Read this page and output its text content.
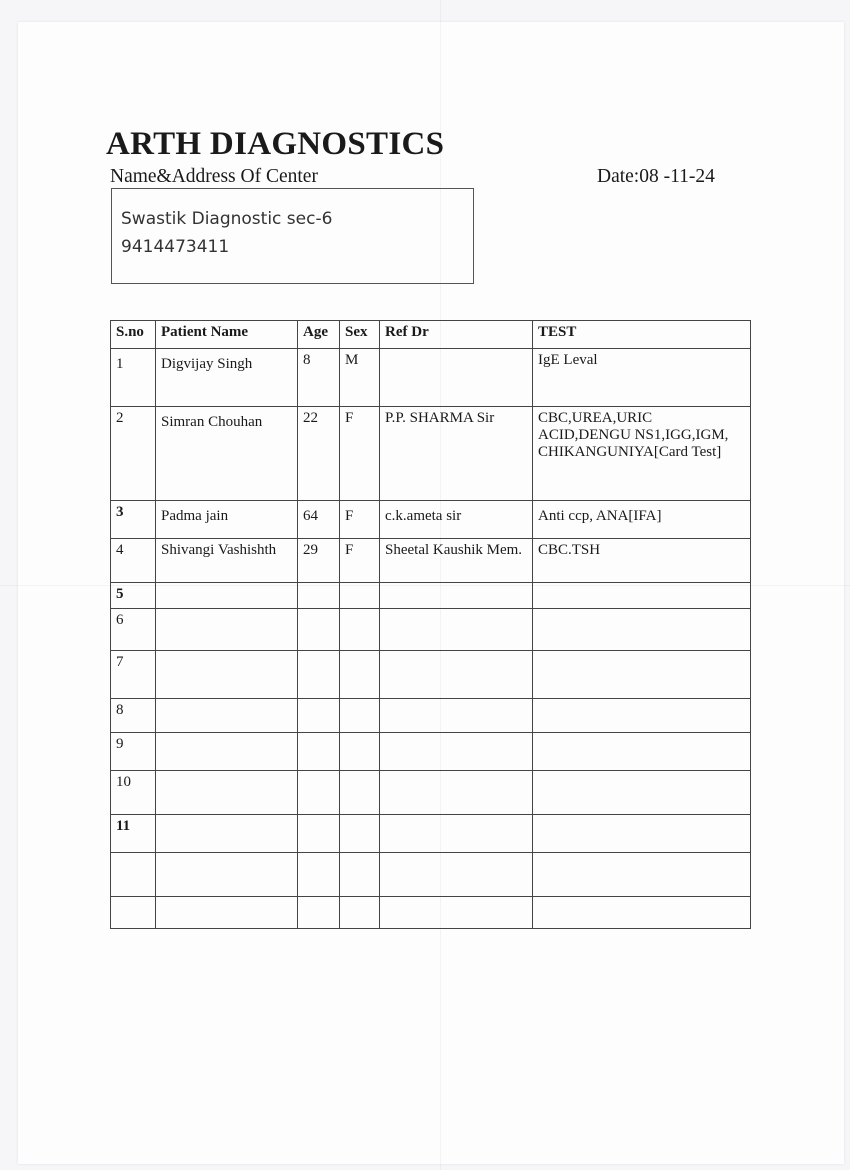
ARTH DIAGNOSTICS
Name&Address Of Center	Date:08 -11-24
Swastik Diagnostic sec-6
9414473411
S.no	Patient Name	Age	Sex	Ref Dr	TEST
1	Digvijay Singh	8	M		IgE Leval
2	Simran Chouhan	22	F	P.P. SHARMA Sir	CBC,UREA,URIC ACID,DENGU NS1,IGG,IGM, CHIKANGUNIYA[Card Test]
3	Padma jain	64	F	c.k.ameta sir	Anti ccp, ANA[IFA]
4	Shivangi Vashishth	29	F	Sheetal Kaushik Mem.	CBC.TSH
5					
6					
7					
8					
9					
10					
11					
